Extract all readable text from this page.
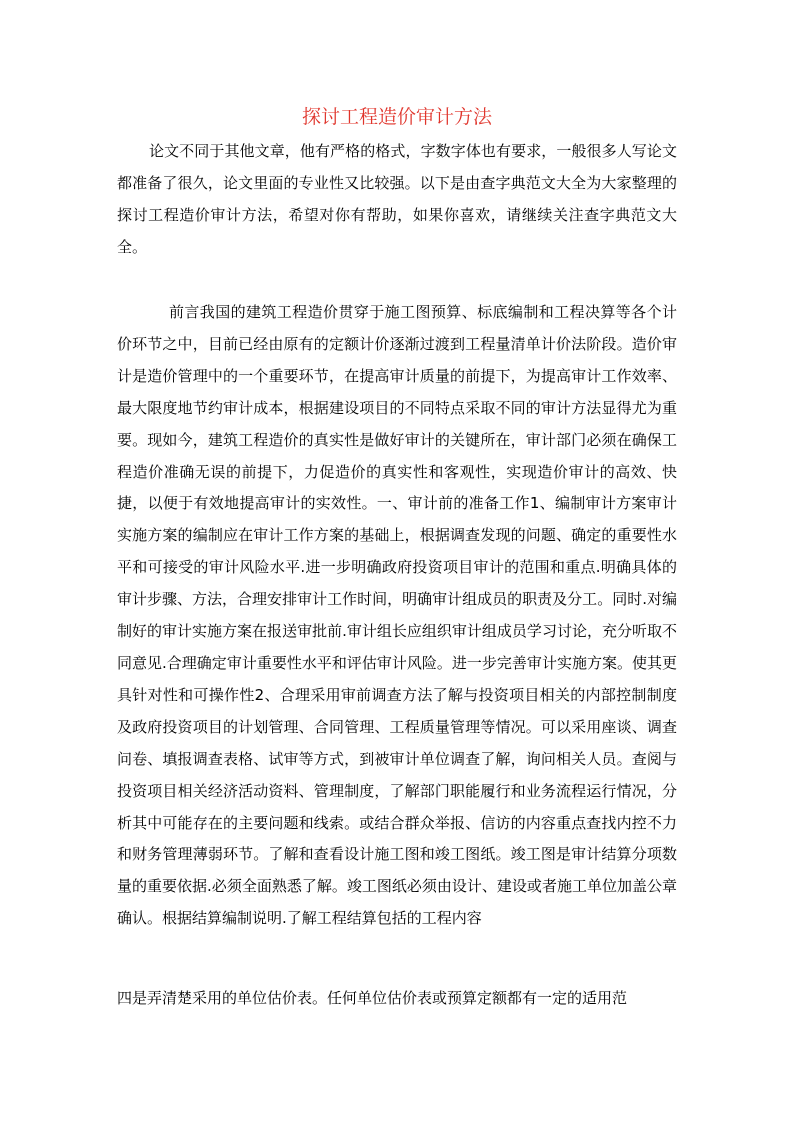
探讨工程造价审计方法

论文不同于其他文章，他有严格的格式，字数字体也有要求，一般很多人写论文都准备了很久，论文里面的专业性又比较强。以下是由查字典范文大全为大家整理的探讨工程造价审计方法，希望对你有帮助，如果你喜欢，请继续关注查字典范文大全。

前言我国的建筑工程造价贯穿于施工图预算、标底编制和工程决算等各个计价环节之中，目前已经由原有的定额计价逐渐过渡到工程量清单计价法阶段。造价审计是造价管理中的一个重要环节，在提高审计质量的前提下，为提高审计工作效率、最大限度地节约审计成本，根据建设项目的不同特点采取不同的审计方法显得尤为重要。现如今，建筑工程造价的真实性是做好审计的关键所在，审计部门必须在确保工程造价准确无误的前提下，力促造价的真实性和客观性，实现造价审计的高效、快捷，以便于有效地提高审计的实效性。一、审计前的准备工作1、编制审计方案审计实施方案的编制应在审计工作方案的基础上，根据调查发现的问题、确定的重要性水平和可接受的审计风险水平.进一步明确政府投资项目审计的范围和重点.明确具体的审计步骤、方法，合理安排审计工作时间，明确审计组成员的职责及分工。同时.对编制好的审计实施方案在报送审批前.审计组长应组织审计组成员学习讨论，充分听取不同意见.合理确定审计重要性水平和评估审计风险。进一步完善审计实施方案。使其更具针对性和可操作性2、合理采用审前调查方法了解与投资项目相关的内部控制制度及政府投资项目的计划管理、合同管理、工程质量管理等情况。可以采用座谈、调查问卷、填报调查表格、试审等方式，到被审计单位调查了解，询问相关人员。查阅与投资项目相关经济活动资料、管理制度，了解部门职能履行和业务流程运行情况，分析其中可能存在的主要问题和线索。或结合群众举报、信访的内容重点查找内控不力和财务管理薄弱环节。了解和查看设计施工图和竣工图纸。竣工图是审计结算分项数量的重要依据.必须全面熟悉了解。竣工图纸必须由设计、建设或者施工单位加盖公章确认。根据结算编制说明.了解工程结算包括的工程内容

四是弄清楚采用的单位估价表。任何单位估价表或预算定额都有一定的适用范
